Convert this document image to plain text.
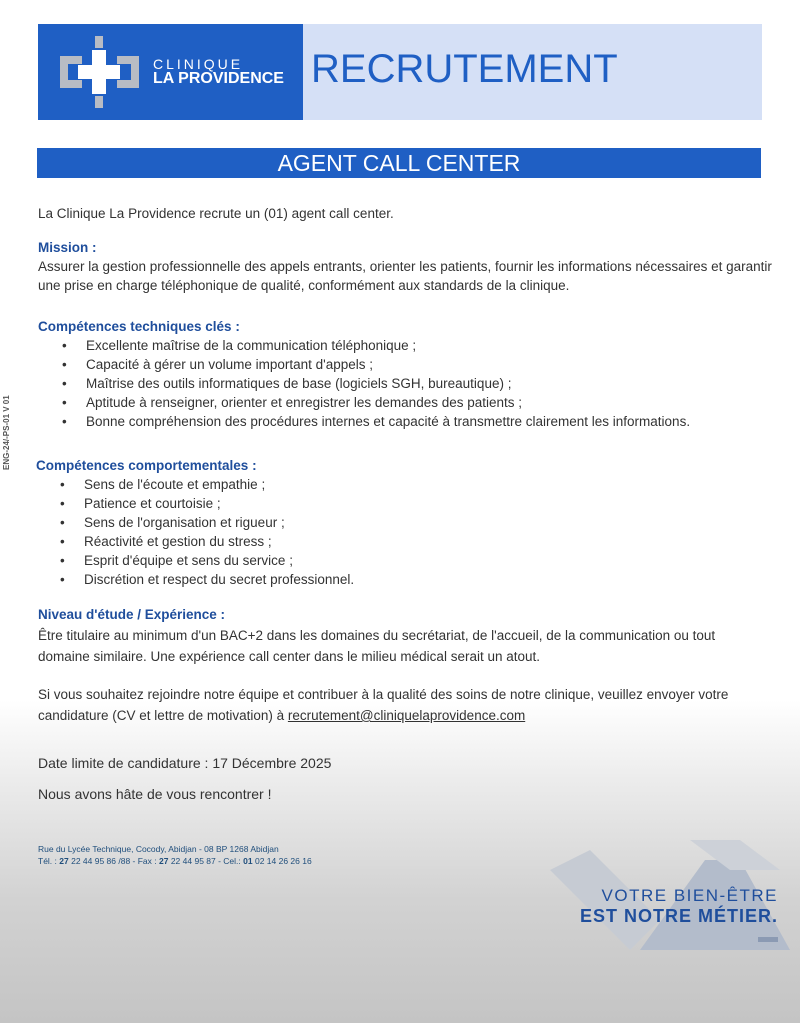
CLINIQUE
LA PROVIDENCE RECRUTEMENT
AGENT CALL CENTER
La Clinique La Providence recrute un (01) agent call center.
Mission :
Assurer la gestion professionnelle des appels entrants, orienter les patients, fournir les informations nécessaires et garantir une prise en charge téléphonique de qualité, conformément aux standards de la clinique.
Compétences techniques clés :
• Excellente maîtrise de la communication téléphonique ;
• Capacité à gérer un volume important d'appels ;
• Maîtrise des outils informatiques de base (logiciels SGH, bureautique) ;
• Aptitude à renseigner, orienter et enregistrer les demandes des patients ;
• Bonne compréhension des procédures internes et capacité à transmettre clairement les informations.
Compétences comportementales :
• Sens de l'écoute et empathie ;
• Patience et courtoisie ;
• Sens de l'organisation et rigueur ;
• Réactivité et gestion du stress ;
• Esprit d'équipe et sens du service ;
• Discrétion et respect du secret professionnel.
Niveau d'étude / Expérience :
Être titulaire au minimum d'un BAC+2 dans les domaines du secrétariat, de l'accueil, de la communication ou tout domaine similaire. Une expérience call center dans le milieu médical serait un atout.
Si vous souhaitez rejoindre notre équipe et contribuer à la qualité des soins de notre clinique, veuillez envoyer votre candidature (CV et lettre de motivation) à recrutement@cliniquelaprovidence.com
Date limite de candidature : 17 Décembre 2025
Nous avons hâte de vous rencontrer !
ENG-24/-PS-01 V 01
Rue du Lycée Technique, Cocody, Abidjan - 08 BP 1268 Abidjan
Tél. : 27 22 44 95 86 /88 - Fax : 27 22 44 95 87 - Cel.: 01 02 14 26 26 16
VOTRE BIEN-ÊTRE
EST NOTRE MÉTIER.
